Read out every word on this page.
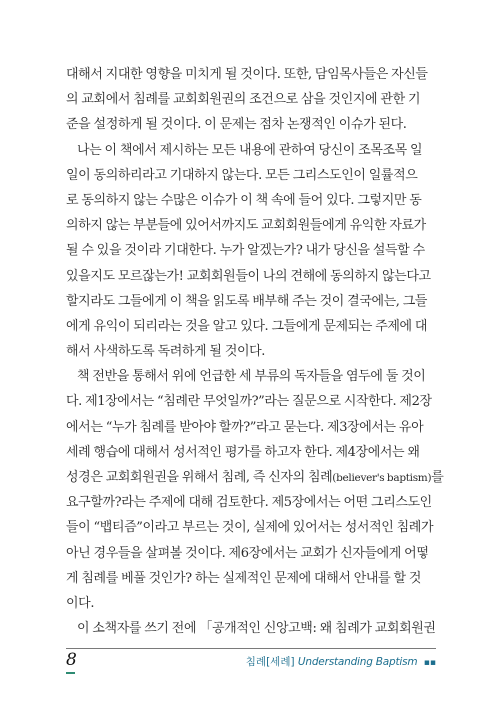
대해서 지대한 영향을 미치게 될 것이다. 또한, 담임목사들은 자신들
의 교회에서 침례를 교회회원권의 조건으로 삼을 것인지에 관한 기
준을 설정하게 될 것이다. 이 문제는 점차 논쟁적인 이슈가 된다.
나는 이 책에서 제시하는 모든 내용에 관하여 당신이 조목조목 일
일이 동의하리라고 기대하지 않는다. 모든 그리스도인이 일률적으
로 동의하지 않는 수많은 이슈가 이 책 속에 들어 있다. 그렇지만 동
의하지 않는 부분들에 있어서까지도 교회회원들에게 유익한 자료가
될 수 있을 것이라 기대한다. 누가 알겠는가? 내가 당신을 설득할 수
있을지도 모르잖는가! 교회회원들이 나의 견해에 동의하지 않는다고
할지라도 그들에게 이 책을 읽도록 배부해 주는 것이 결국에는, 그들
에게 유익이 되리라는 것을 알고 있다. 그들에게 문제되는 주제에 대
해서 사색하도록 독려하게 될 것이다.
책 전반을 통해서 위에 언급한 세 부류의 독자들을 염두에 둘 것이
다. 제1장에서는 “침례란 무엇일까?”라는 질문으로 시작한다. 제2장
에서는 “누가 침례를 받아야 할까?”라고 묻는다. 제3장에서는 유아
세례 행습에 대해서 성서적인 평가를 하고자 한다. 제4장에서는 왜
성경은 교회회원권을 위해서 침례, 즉 신자의 침례(believer's baptism)를
요구할까?라는 주제에 대해 검토한다. 제5장에서는 어떤 그리스도인
들이 “뱁티즘”이라고 부르는 것이, 실제에 있어서는 성서적인 침례가
아닌 경우들을 살펴볼 것이다. 제6장에서는 교회가 신자들에게 어떻
게 침례를 베풀 것인가? 하는 실제적인 문제에 대해서 안내를 할 것
이다.
이 소책자를 쓰기 전에 「공개적인 신앙고백: 왜 침례가 교회회원권
8	침례[세례] Understanding Baptism ▪▪
